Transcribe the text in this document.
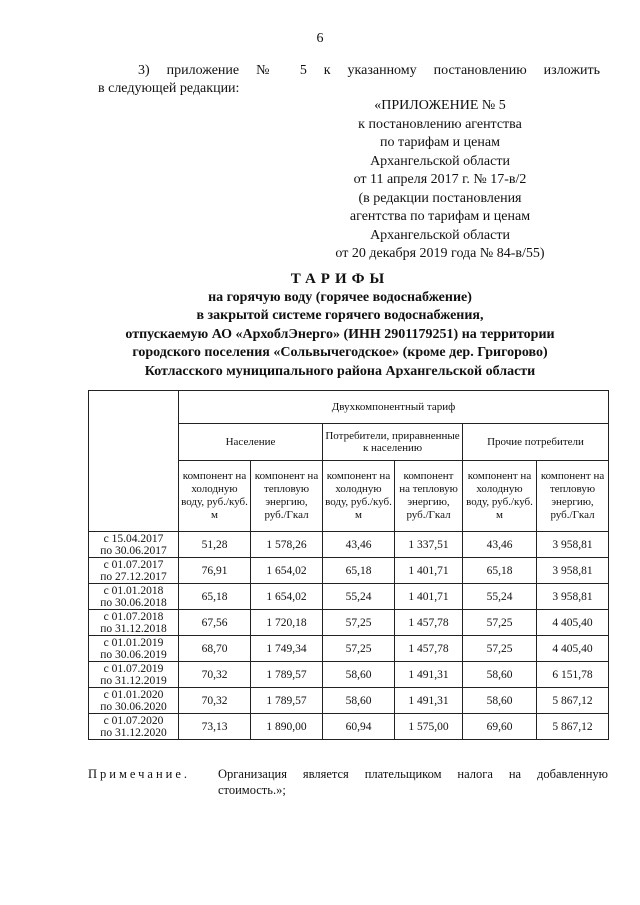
6
3) приложение № 5 к указанному постановлению изложить
в следующей редакции:
«ПРИЛОЖЕНИЕ № 5
к постановлению агентства
по тарифам и ценам
Архангельской области
от 11 апреля 2017 г. № 17-в/2
(в редакции постановления
агентства по тарифам и ценам
Архангельской области
от 20 декабря 2019 года № 84-в/55)
ТАРИФЫ
на горячую воду (горячее водоснабжение)
в закрытой системе горячего водоснабжения,
отпускаемую АО «АрхоблЭнерго» (ИНН 2901179251) на территории
городского поселения «Сольвычегодское» (кроме дер. Григорово)
Котласского муниципального района Архангельской области
	Двухкомпонентный тариф					
	Население		Потребители, приравненные к населению		Прочие потребители	
	компонент на холодную воду, руб./куб. м	компонент на тепловую энергию, руб./Гкал	компонент на холодную воду, руб./куб. м	компонент на тепловую энергию, руб./Гкал	компонент на холодную воду, руб./куб. м	компонент на тепловую энергию, руб./Гкал

с 15.04.2017
по 30.06.2017	51,28	1 578,26	43,46	1 337,51	43,46	3 958,81

с 01.07.2017
по 27.12.2017	76,91	1 654,02	65,18	1 401,71	65,18	3 958,81

с 01.01.2018
по 30.06.2018	65,18	1 654,02	55,24	1 401,71	55,24	3 958,81

с 01.07.2018
по 31.12.2018	67,56	1 720,18	57,25	1 457,78	57,25	4 405,40

с 01.01.2019
по 30.06.2019	68,70	1 749,34	57,25	1 457,78	57,25	4 405,40

с 01.07.2019
по 31.12.2019	70,32	1 789,57	58,60	1 491,31	58,60	6 151,78

с 01.01.2020
по 30.06.2020	70,32	1 789,57	58,60	1 491,31	58,60	5 867,12

с 01.07.2020
по 31.12.2020	73,13	1 890,00	60,94	1 575,00	69,60	5 867,12
Примечание. Организация является плательщиком налога на добавленную
стоимость.»;
